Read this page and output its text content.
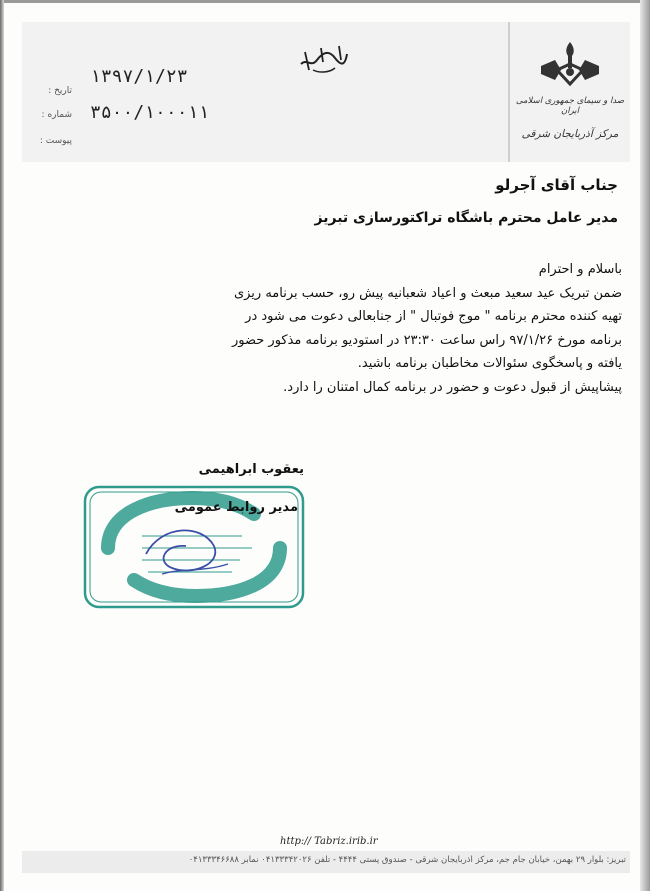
تاریخ :
۱۳۹۷/۱/۲۳
شماره : ۳۵۰۰/۱۰۰۰۱۱
پیوست :
صدا و سیمای جمهوری اسلامی ایران
مرکز آذربایجان شرقی
جناب آقای آجرلو
مدیر عامل محترم باشگاه تراکتورسازی تبریز
باسلام و احترام
ضمن تبریک عید سعید مبعث و اعیاد شعبانیه پیش رو، حسب برنامه ریزی
تهیه کننده محترم برنامه " موج فوتبال " از جنابعالی دعوت می شود در
برنامه مورخ ۹۷/۱/۲۶ راس ساعت ۲۳:۳۰ در استودیو برنامه مذکور حضور
یافته و پاسخگوی سئوالات مخاطبان برنامه باشید.
پیشاپیش از قبول دعوت و حضور در برنامه کمال امتنان را دارد.
یعقوب ابراهیمی
مدیر روابط عمومی
http:// Tabriz.irib.ir
تبریز: بلوار ۲۹ بهمن، خیابان جام جم، مرکز آذربایجان شرقی - صندوق پستی ۴۴۴۴ - تلفن ۰۴۱۳۳۳۴۲۰۲۶ نمابر ۰۴۱۳۳۳۴۶۶۸۸
